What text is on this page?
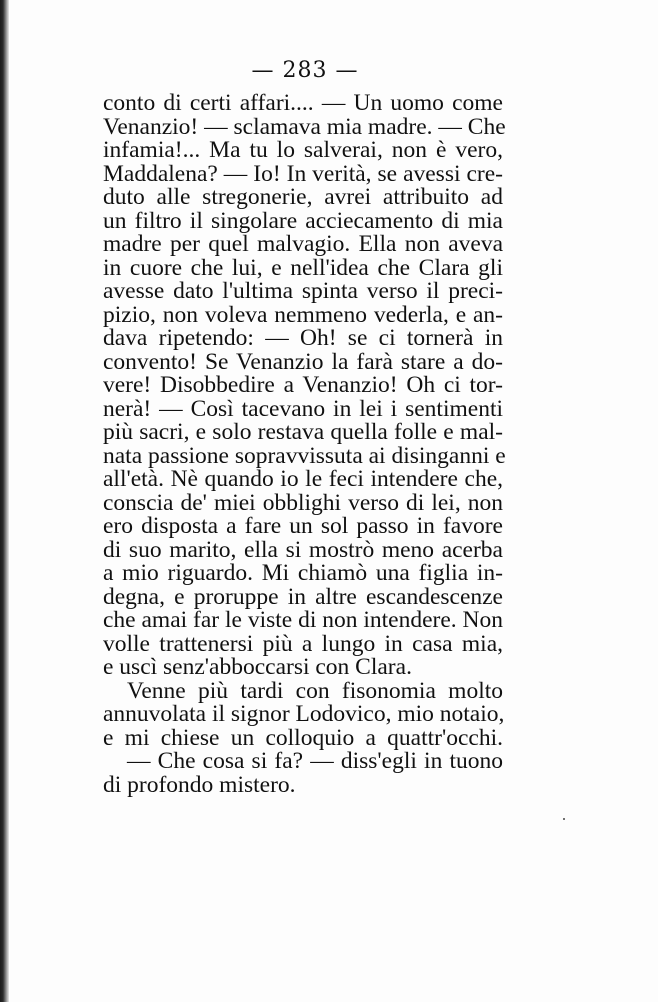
— 283 —
conto di certi affari.... — Un uomo come
Venanzio! — sclamava mia madre. — Che
infamia!... Ma tu lo salverai, non è vero,
Maddalena? — Io! In verità, se avessi cre-
duto alle stregonerie, avrei attribuito ad
un filtro il singolare acciecamento di mia
madre per quel malvagio. Ella non aveva
in cuore che lui, e nell'idea che Clara gli
avesse dato l'ultima spinta verso il preci-
pizio, non voleva nemmeno vederla, e an-
dava ripetendo: — Oh! se ci tornerà in
convento! Se Venanzio la farà stare a do-
vere! Disobbedire a Venanzio! Oh ci tor-
nerà! — Così tacevano in lei i sentimenti
più sacri, e solo restava quella folle e mal-
nata passione sopravvissuta ai disinganni e
all'età. Nè quando io le feci intendere che,
conscia de' miei obblighi verso di lei, non
ero disposta a fare un sol passo in favore
di suo marito, ella si mostrò meno acerba
a mio riguardo. Mi chiamò una figlia in-
degna, e proruppe in altre escandescenze
che amai far le viste di non intendere. Non
volle trattenersi più a lungo in casa mia,
e uscì senz'abboccarsi con Clara.
Venne più tardi con fisonomia molto
annuvolata il signor Lodovico, mio notaio,
e mi chiese un colloquio a quattr'occhi.
— Che cosa si fa? — diss'egli in tuono
di profondo mistero.
